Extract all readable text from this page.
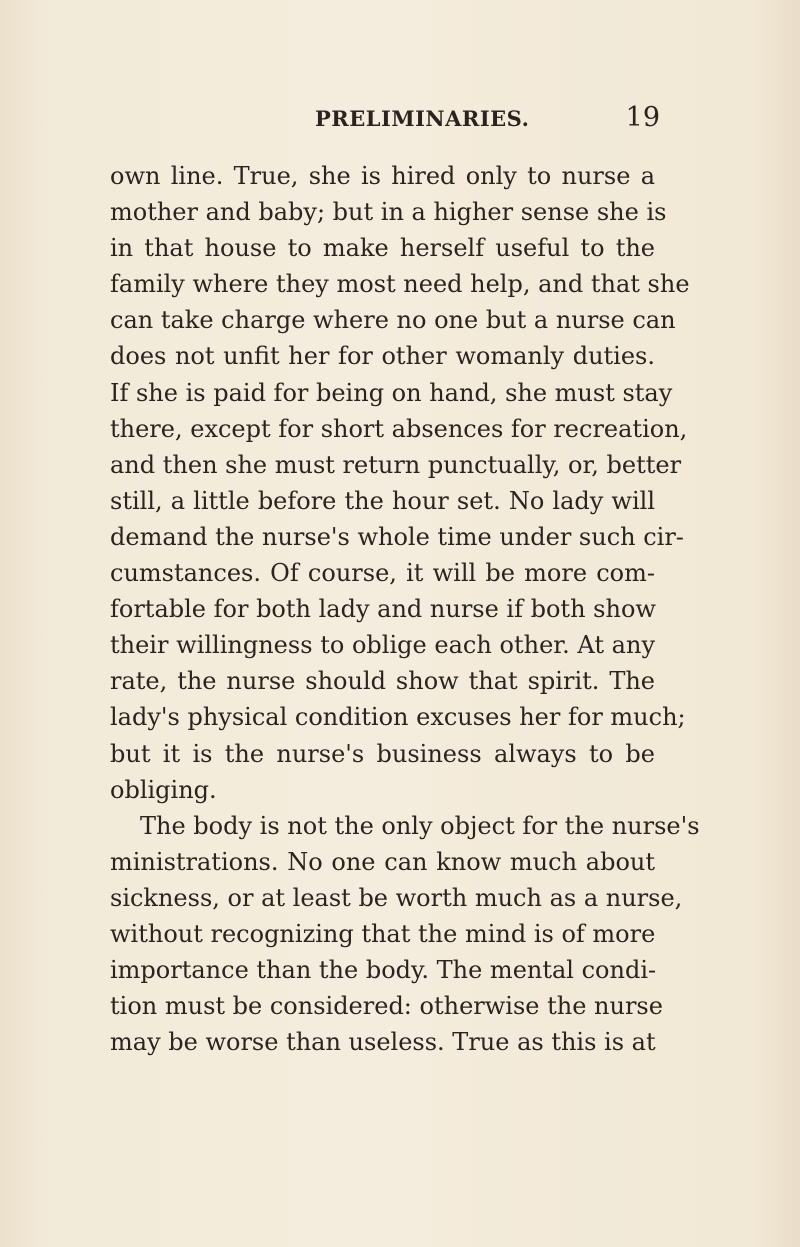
PRELIMINARIES.	19
own line. True, she is hired only to nurse a
mother and baby; but in a higher sense she is
in that house to make herself useful to the
family where they most need help, and that she
can take charge where no one but a nurse can
does not unfit her for other womanly duties.
If she is paid for being on hand, she must stay
there, except for short absences for recreation,
and then she must return punctually, or, better
still, a little before the hour set. No lady will
demand the nurse's whole time under such cir-
cumstances. Of course, it will be more com-
fortable for both lady and nurse if both show
their willingness to oblige each other. At any
rate, the nurse should show that spirit. The
lady's physical condition excuses her for much;
but it is the nurse's business always to be
obliging.
The body is not the only object for the nurse's
ministrations. No one can know much about
sickness, or at least be worth much as a nurse,
without recognizing that the mind is of more
importance than the body. The mental condi-
tion must be considered: otherwise the nurse
may be worse than useless. True as this is at
